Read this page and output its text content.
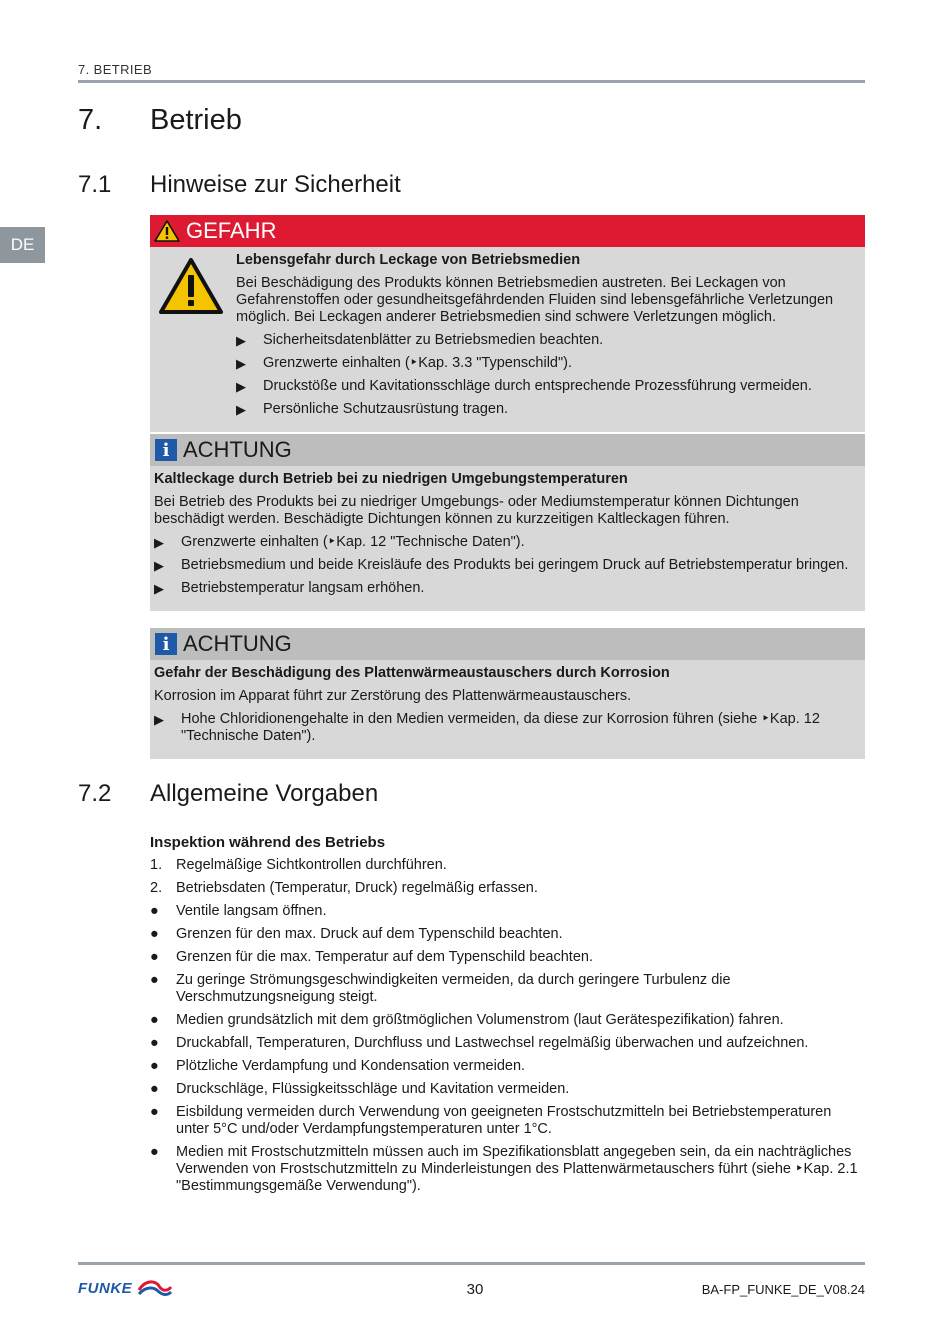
7. BETRIEB
DE
7. Betrieb
7.1 Hinweise zur Sicherheit
GEFAHR
Lebensgefahr durch Leckage von Betriebsmedien
Bei Beschädigung des Produkts können Betriebsmedien austreten. Bei Leckagen von Gefahrenstoffen oder gesundheitsgefährdenden Fluiden sind lebensgefährliche Verletzungen möglich. Bei Leckagen anderer Betriebsmedien sind schwere Verletzungen möglich.
▶ Sicherheitsdatenblätter zu Betriebsmedien beachten.
▶ Grenzwerte einhalten (‣Kap. 3.3 "Typenschild").
▶ Druckstöße und Kavitationsschläge durch entsprechende Prozessführung vermeiden.
▶ Persönliche Schutzausrüstung tragen.
i ACHTUNG
Kaltleckage durch Betrieb bei zu niedrigen Umgebungstemperaturen
Bei Betrieb des Produkts bei zu niedriger Umgebungs- oder Mediumstemperatur können Dichtungen beschädigt werden. Beschädigte Dichtungen können zu kurzzeitigen Kaltleckagen führen.
▶ Grenzwerte einhalten (‣Kap. 12 "Technische Daten").
▶ Betriebsmedium und beide Kreisläufe des Produkts bei geringem Druck auf Betriebstemperatur bringen.
▶ Betriebstemperatur langsam erhöhen.
i ACHTUNG
Gefahr der Beschädigung des Plattenwärmeaustauschers durch Korrosion
Korrosion im Apparat führt zur Zerstörung des Plattenwärmeaustauschers.
▶ Hohe Chloridionengehalte in den Medien vermeiden, da diese zur Korrosion führen (siehe ‣Kap. 12 "Technische Daten").
7.2 Allgemeine Vorgaben
Inspektion während des Betriebs
1. Regelmäßige Sichtkontrollen durchführen.
2. Betriebsdaten (Temperatur, Druck) regelmäßig erfassen.
● Ventile langsam öffnen.
● Grenzen für den max. Druck auf dem Typenschild beachten.
● Grenzen für die max. Temperatur auf dem Typenschild beachten.
● Zu geringe Strömungsgeschwindigkeiten vermeiden, da durch geringere Turbulenz die Verschmutzungsneigung steigt.
● Medien grundsätzlich mit dem größtmöglichen Volumenstrom (laut Gerätespezifikation) fahren.
● Druckabfall, Temperaturen, Durchfluss und Lastwechsel regelmäßig überwachen und aufzeichnen.
● Plötzliche Verdampfung und Kondensation vermeiden.
● Druckschläge, Flüssigkeitsschläge und Kavitation vermeiden.
● Eisbildung vermeiden durch Verwendung von geeigneten Frostschutzmitteln bei Betriebstemperaturen unter 5°C und/oder Verdampfungstemperaturen unter 1°C.
● Medien mit Frostschutzmitteln müssen auch im Spezifikationsblatt angegeben sein, da ein nachträgliches Verwenden von Frostschutzmitteln zu Minderleistungen des Plattenwärmetauschers führt (siehe ‣Kap. 2.1 "Bestimmungsgemäße Verwendung").
FUNKE	30	BA-FP_FUNKE_DE_V08.24
